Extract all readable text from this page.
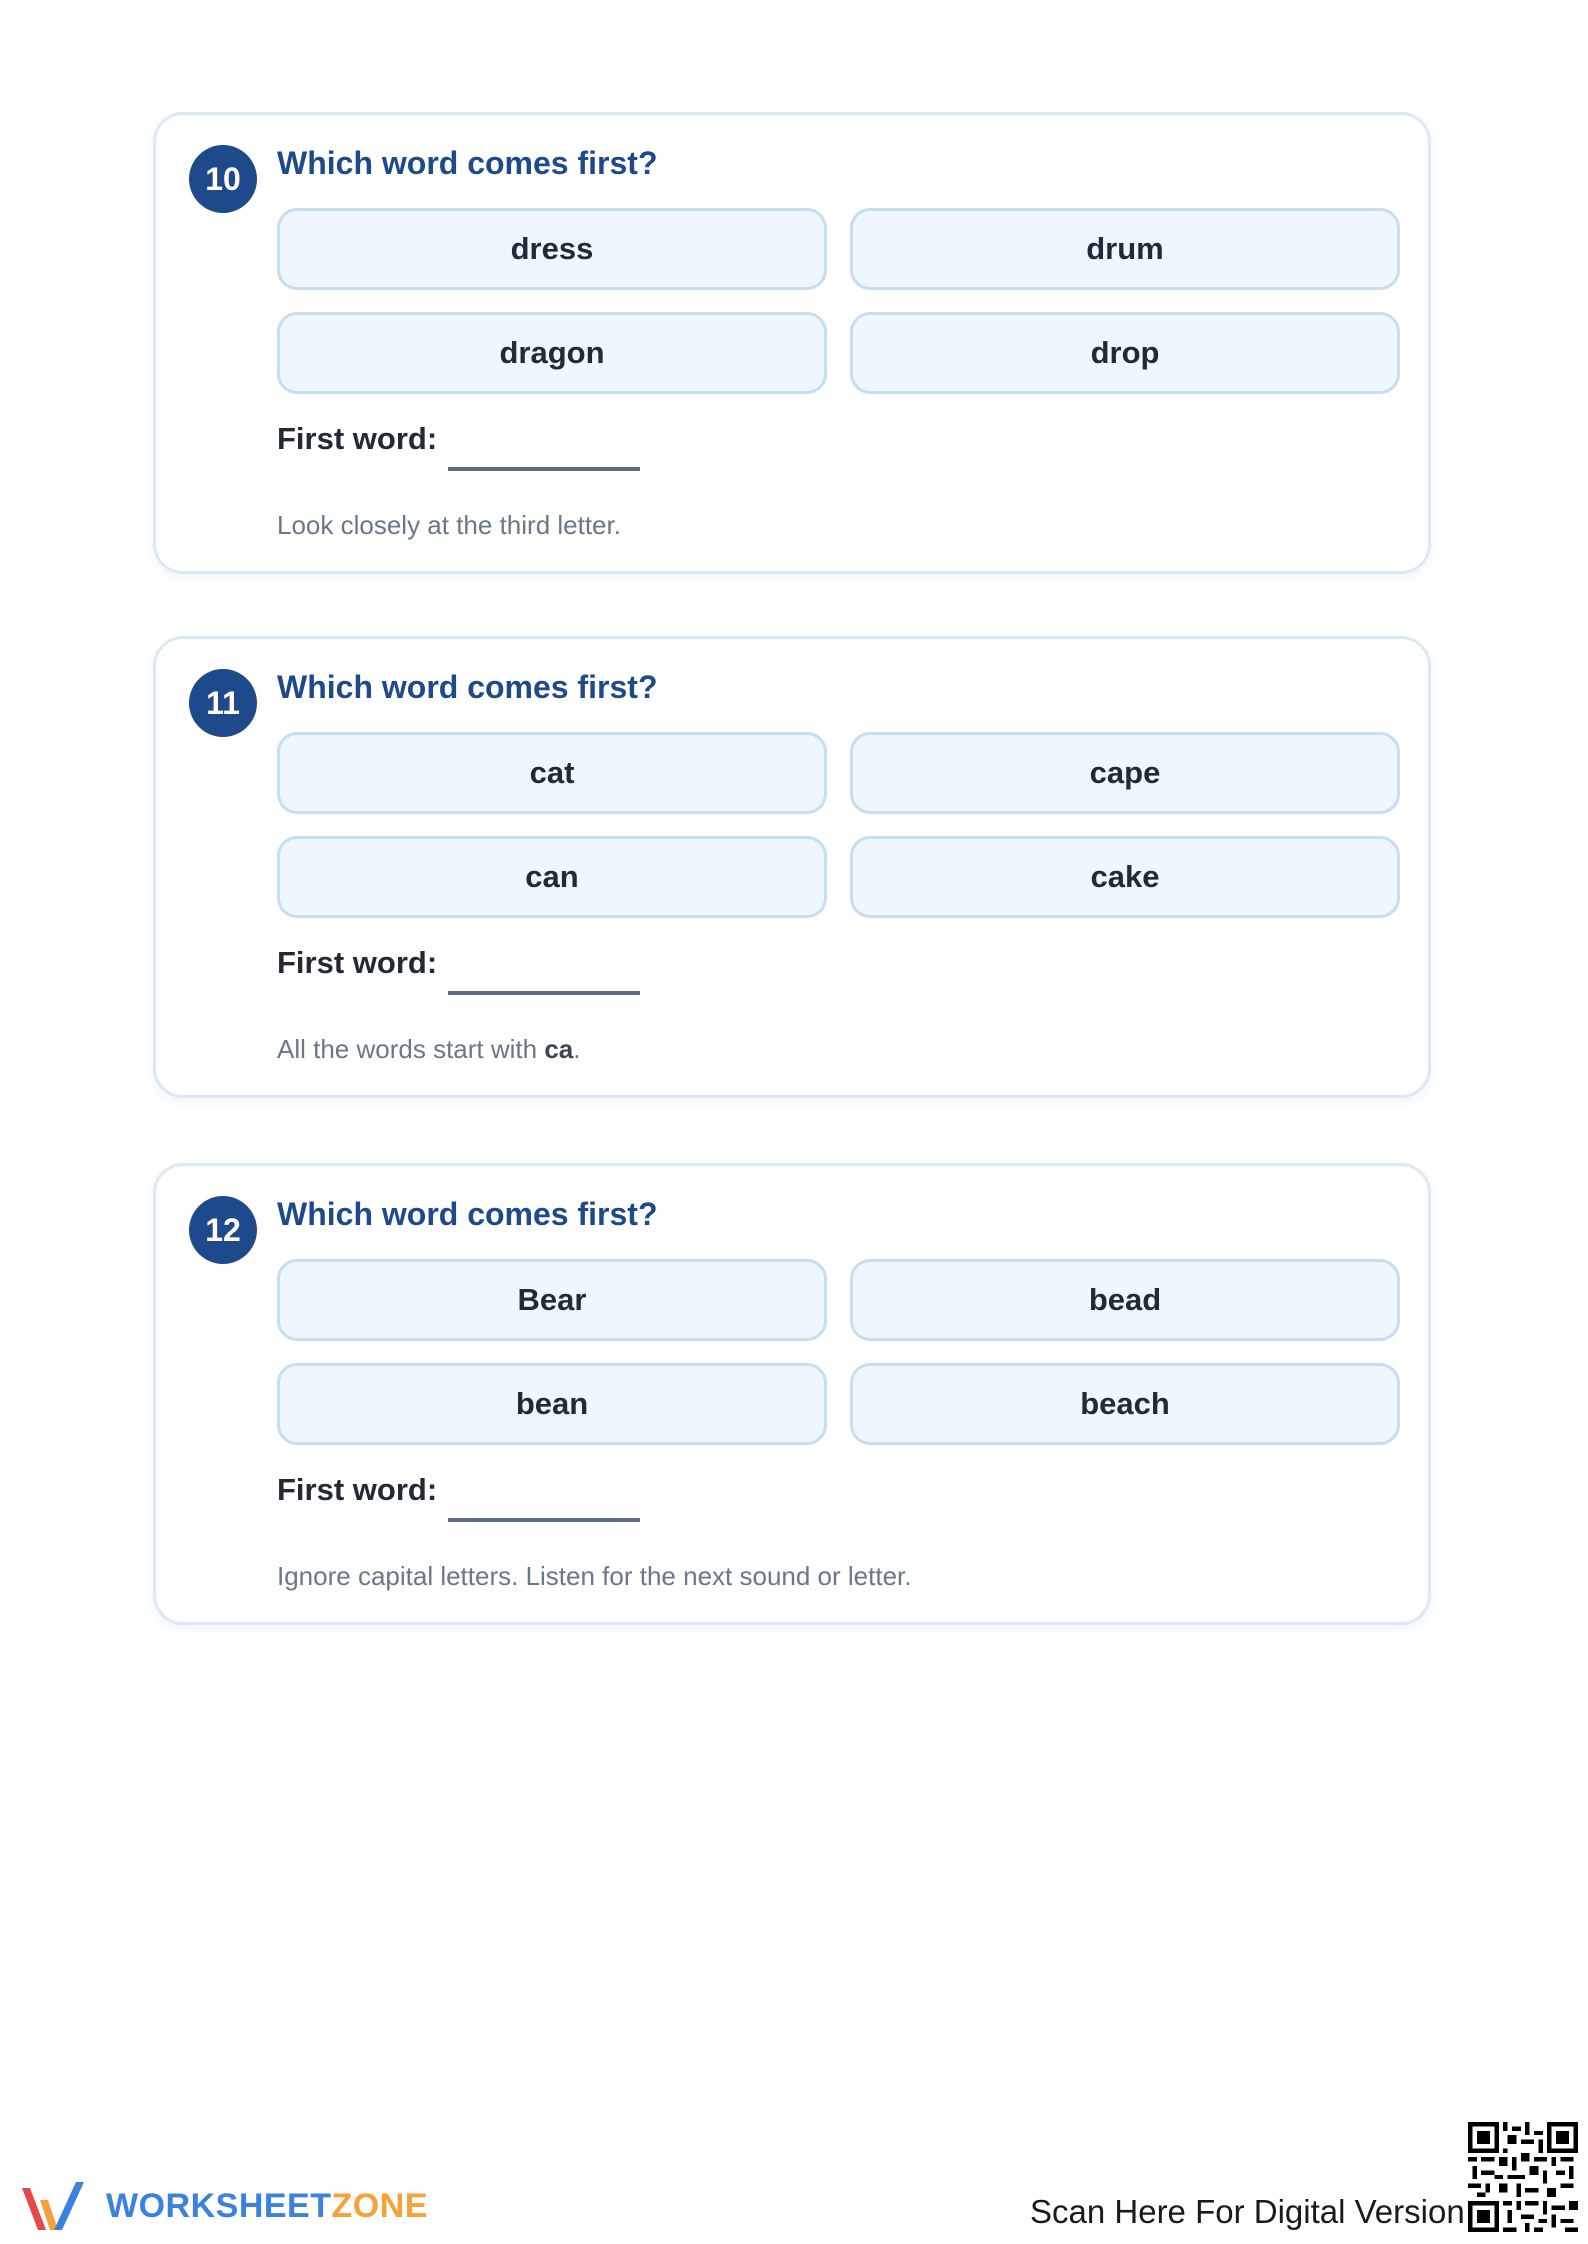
10	Which word comes first?
dress	drum
dragon	drop
First word:
Look closely at the third letter.
11	Which word comes first?
cat	cape
can	cake
First word:
All the words start with ca.
12	Which word comes first?
Bear	bead
bean	beach
First word:
Ignore capital letters. Listen for the next sound or letter.
WORKSHEETZONE	Scan Here For Digital Version
